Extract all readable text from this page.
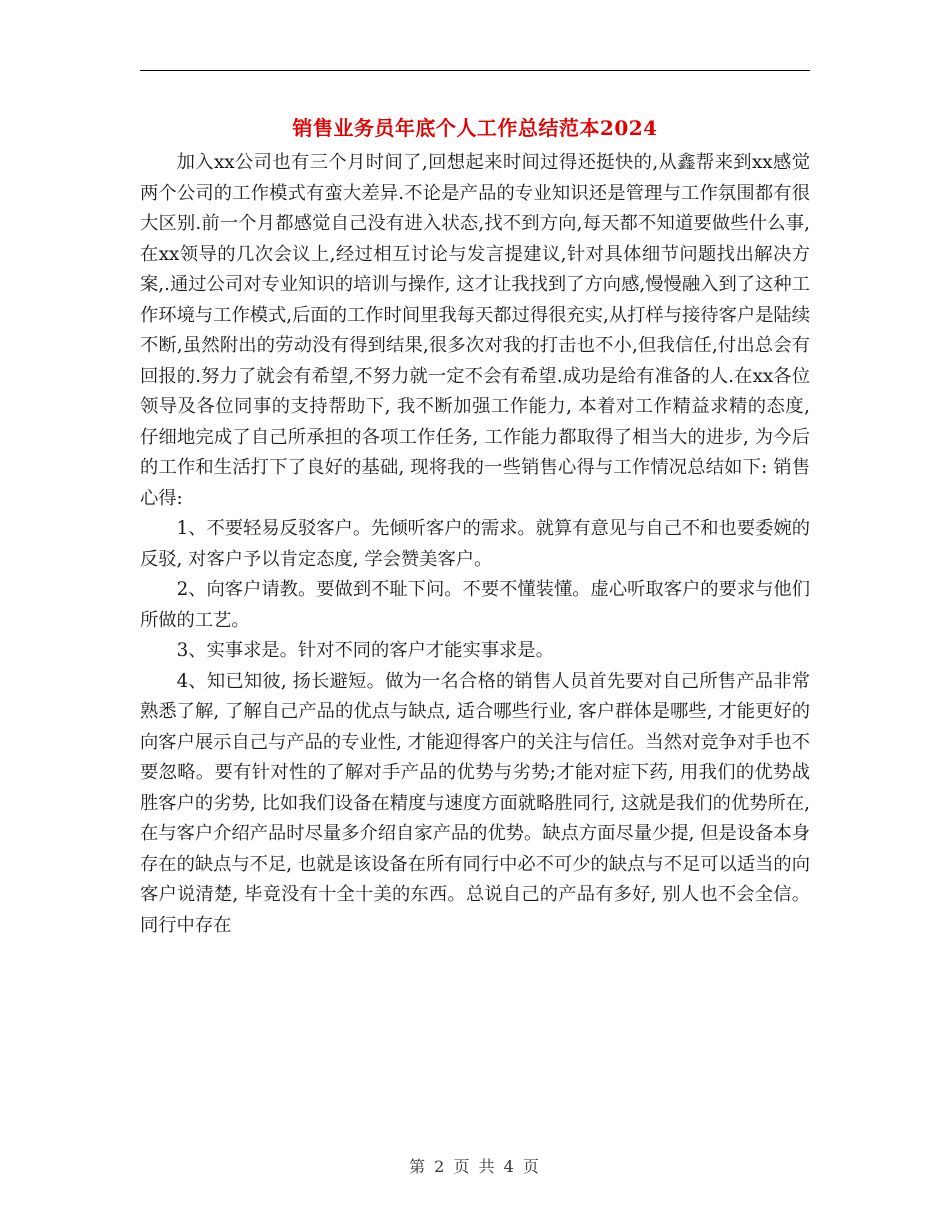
销售业务员年底个人工作总结范本2024

加入xx公司也有三个月时间了,回想起来时间过得还挺快的,从鑫帮来到xx感觉两个公司的工作模式有蛮大差异.不论是产品的专业知识还是管理与工作氛围都有很大区别.前一个月都感觉自己没有进入状态,找不到方向,每天都不知道要做些什么事,在xx领导的几次会议上,经过相互讨论与发言提建议,针对具体细节问题找出解决方案,.通过公司对专业知识的培训与操作, 这才让我找到了方向感,慢慢融入到了这种工作环境与工作模式,后面的工作时间里我每天都过得很充实,从打样与接待客户是陆续不断,虽然附出的劳动没有得到结果,很多次对我的打击也不小,但我信任,付出总会有回报的.努力了就会有希望,不努力就一定不会有希望.成功是给有准备的人.在xx各位领导及各位同事的支持帮助下, 我不断加强工作能力, 本着对工作精益求精的态度, 仔细地完成了自己所承担的各项工作任务, 工作能力都取得了相当大的进步, 为今后的工作和生活打下了良好的基础, 现将我的一些销售心得与工作情况总结如下: 销售心得:

1、不要轻易反驳客户。先倾听客户的需求。就算有意见与自己不和也要委婉的反驳, 对客户予以肯定态度, 学会赞美客户。

2、向客户请教。要做到不耻下问。不要不懂装懂。虚心听取客户的要求与他们所做的工艺。

3、实事求是。针对不同的客户才能实事求是。

4、知已知彼, 扬长避短。做为一名合格的销售人员首先要对自己所售产品非常熟悉了解, 了解自己产品的优点与缺点, 适合哪些行业, 客户群体是哪些, 才能更好的向客户展示自己与产品的专业性, 才能迎得客户的关注与信任。当然对竞争对手也不要忽略。要有针对性的了解对手产品的优势与劣势;才能对症下药, 用我们的优势战胜客户的劣势, 比如我们设备在精度与速度方面就略胜同行, 这就是我们的优势所在, 在与客户介绍产品时尽量多介绍自家产品的优势。缺点方面尽量少提, 但是设备本身存在的缺点与不足, 也就是该设备在所有同行中必不可少的缺点与不足可以适当的向客户说清楚, 毕竟没有十全十美的东西。总说自己的产品有多好, 别人也不会全信。同行中存在

第 2 页 共 4 页
